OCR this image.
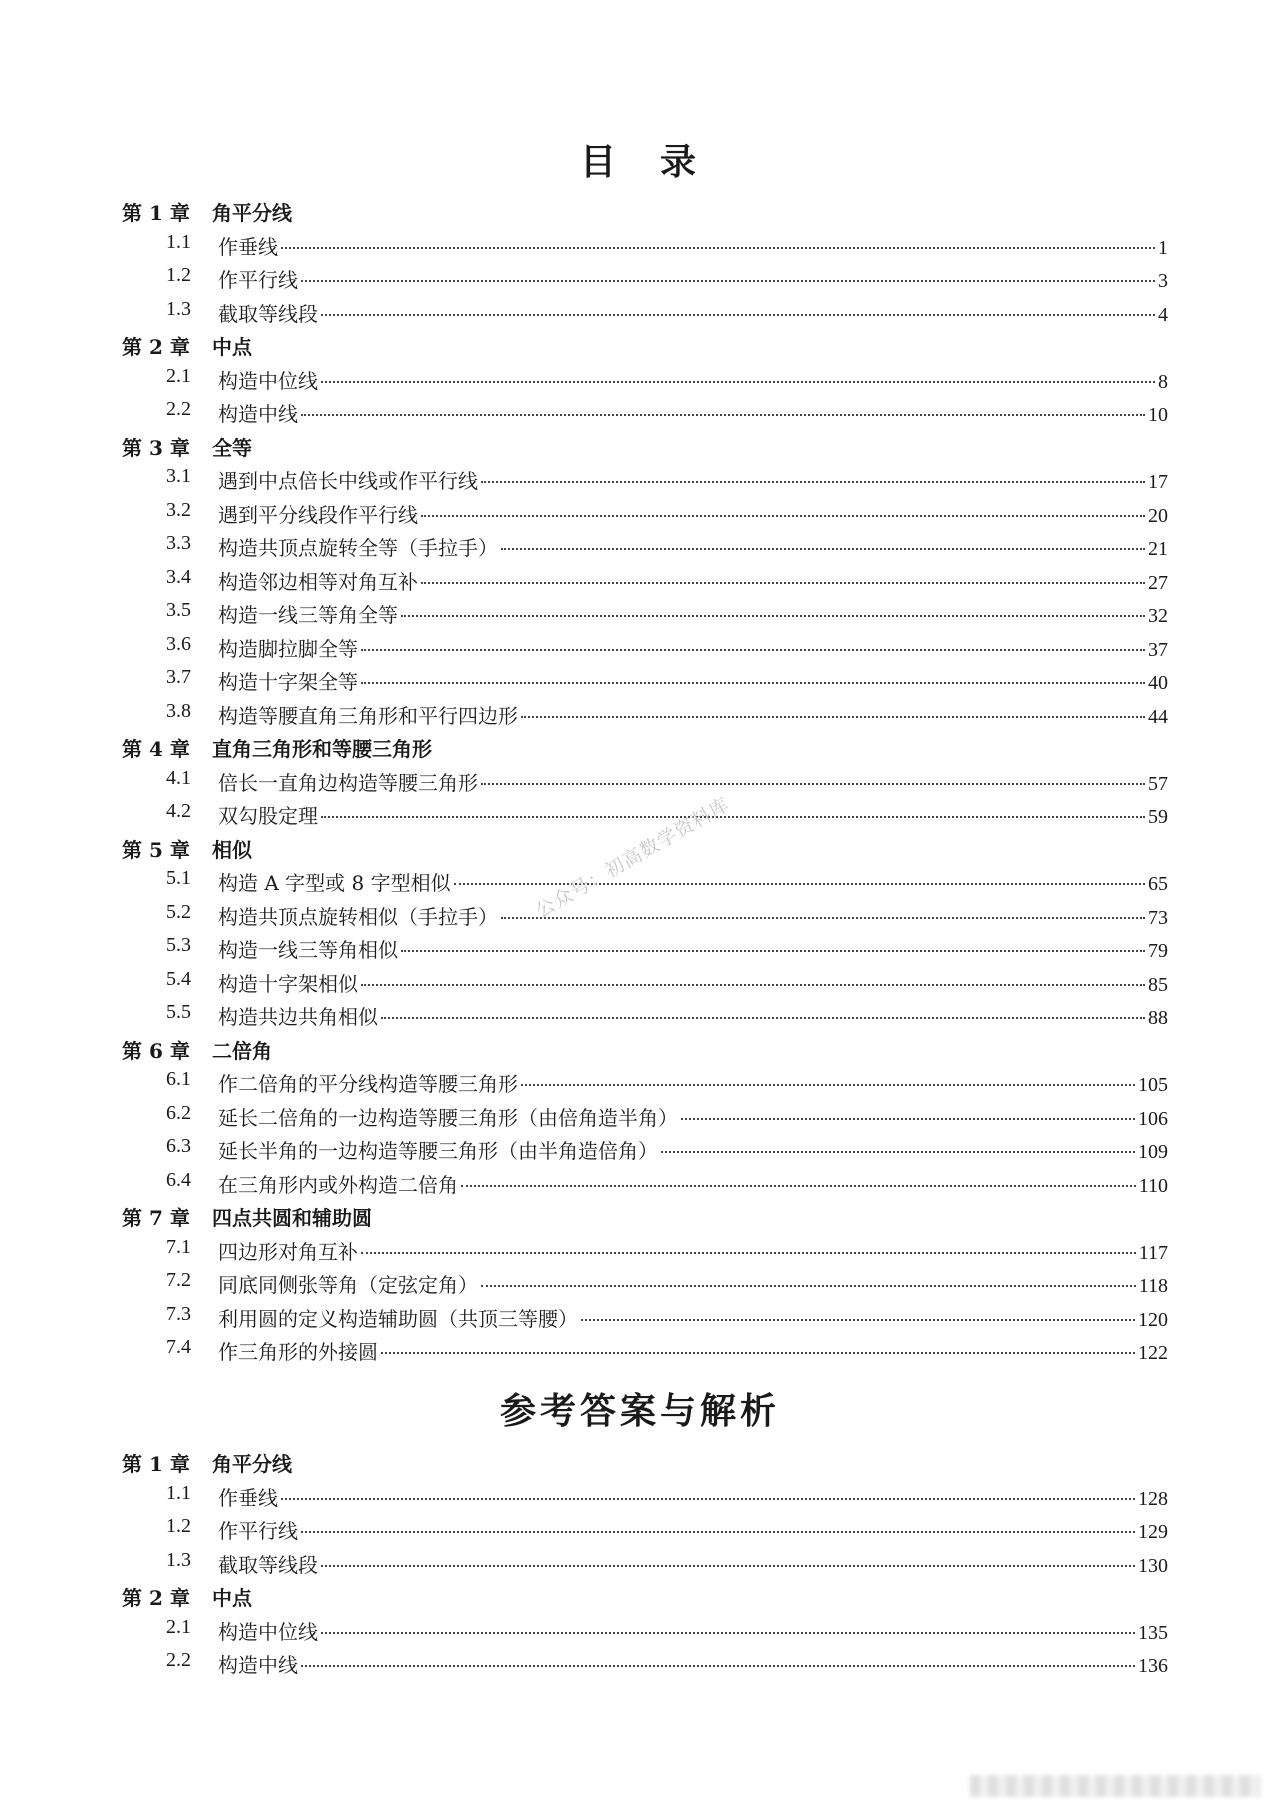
目 录
第 1 章 角平分线
1.1 作垂线	1
1.2 作平行线	3
1.3 截取等线段	4
第 2 章 中点
2.1 构造中位线	8
2.2 构造中线	10
第 3 章 全等
3.1 遇到中点倍长中线或作平行线	17
3.2 遇到平分线段作平行线	20
3.3 构造共顶点旋转全等（手拉手）	21
3.4 构造邻边相等对角互补	27
3.5 构造一线三等角全等	32
3.6 构造脚拉脚全等	37
3.7 构造十字架全等	40
3.8 构造等腰直角三角形和平行四边形	44
第 4 章 直角三角形和等腰三角形
4.1 倍长一直角边构造等腰三角形	57
4.2 双勾股定理	59
第 5 章 相似
5.1 构造 A 字型或 8 字型相似	65
5.2 构造共顶点旋转相似（手拉手）	73
5.3 构造一线三等角相似	79
5.4 构造十字架相似	85
5.5 构造共边共角相似	88
第 6 章 二倍角
6.1 作二倍角的平分线构造等腰三角形	105
6.2 延长二倍角的一边构造等腰三角形（由倍角造半角）	106
6.3 延长半角的一边构造等腰三角形（由半角造倍角）	109
6.4 在三角形内或外构造二倍角	110
第 7 章 四点共圆和辅助圆
7.1 四边形对角互补	117
7.2 同底同侧张等角（定弦定角）	118
7.3 利用圆的定义构造辅助圆（共顶三等腰）	120
7.4 作三角形的外接圆	122
参考答案与解析
第 1 章 角平分线
1.1 作垂线	128
1.2 作平行线	129
1.3 截取等线段	130
第 2 章 中点
2.1 构造中位线	135
2.2 构造中线	136
公众号：初高数学资料库
